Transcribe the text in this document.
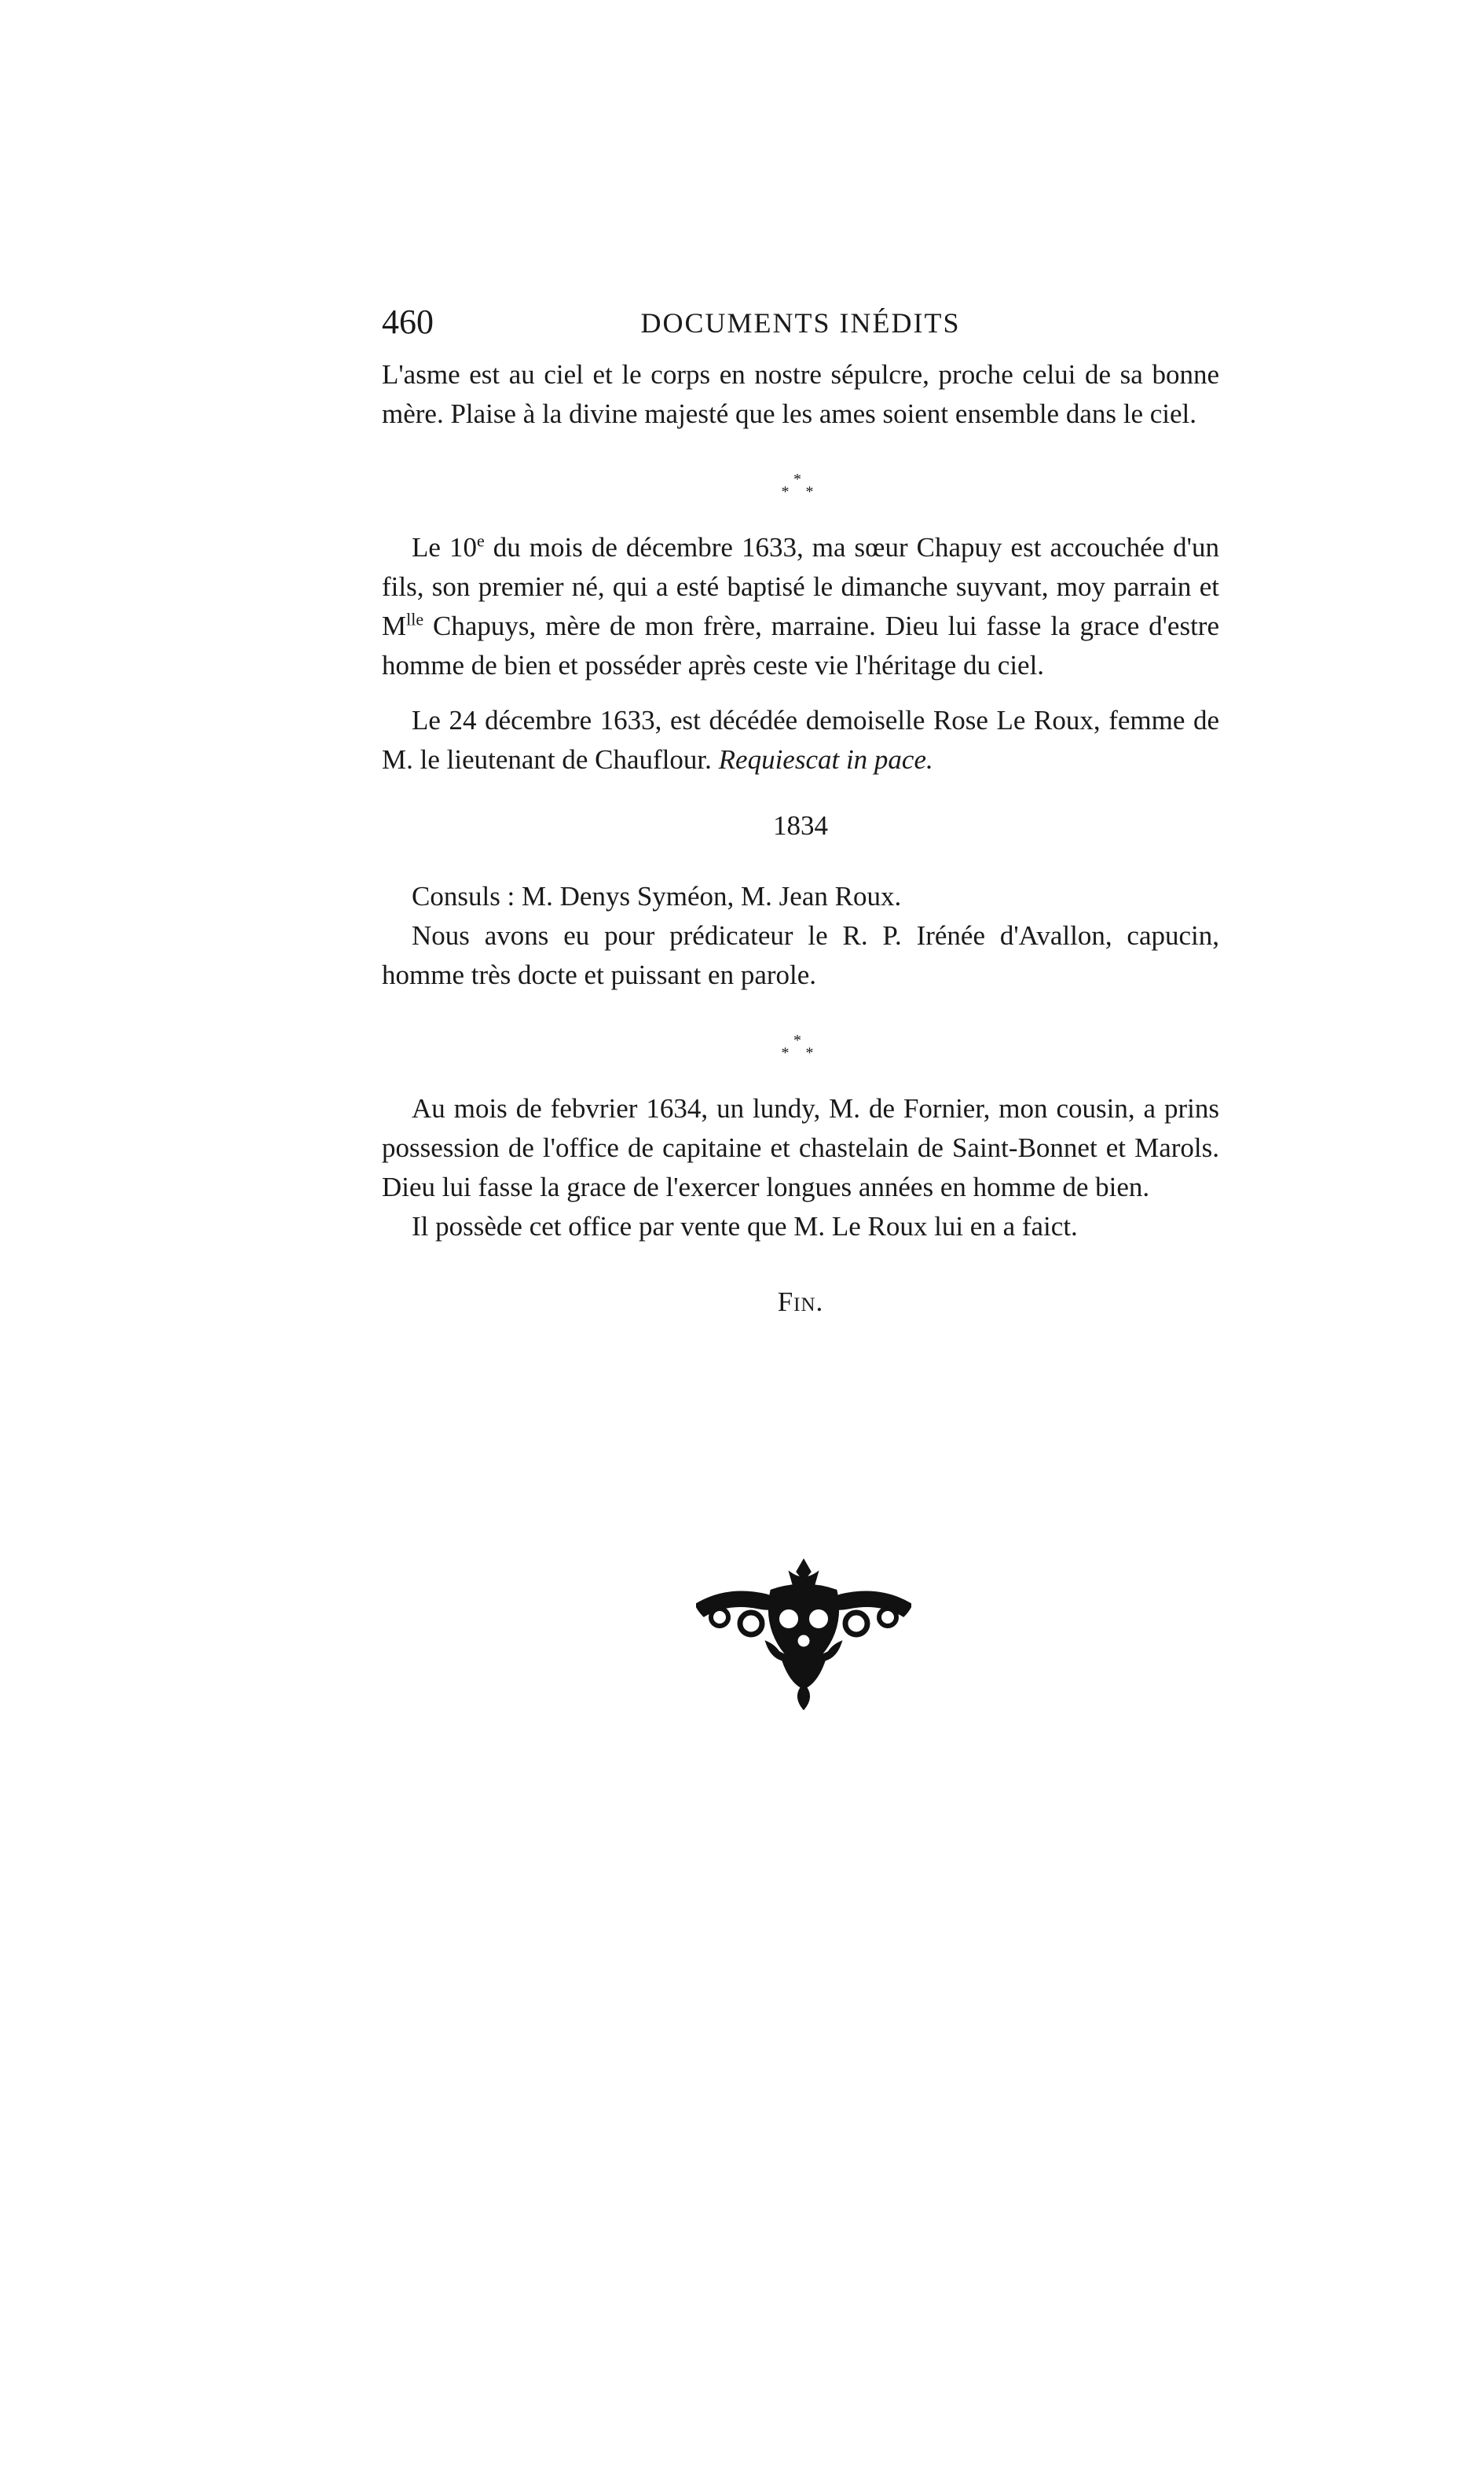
460	DOCUMENTS INÉDITS

L'asme est au ciel et le corps en nostre sépulcre, proche celui de sa bonne mère. Plaise à la divine majesté que les ames soient ensemble dans le ciel.

*
* *

Le 10e du mois de décembre 1633, ma sœur Chapuy est accouchée d'un fils, son premier né, qui a esté baptisé le dimanche suyvant, moy parrain et $M^{lle}$ Chapuys, mère de mon frère, marraine. Dieu lui fasse la grace d'estre homme de bien et posséder après ceste vie l'héritage du ciel.

Le 24 décembre 1633, est décédée demoiselle Rose Le Roux, femme de M. le lieutenant de Chauflour. Requiescat in pace.

1834

Consuls : M. Denys Syméon, M. Jean Roux.

Nous avons eu pour prédicateur le R. P. Irénée d'Avallon, capucin, homme très docte et puissant en parole.

*
* *

Au mois de febvrier 1634, un lundy, M. de Fornier, mon cousin, a prins possession de l'office de capitaine et chastelain de Saint-Bonnet et Marols. Dieu lui fasse la grace de l'exercer longues années en homme de bien.

Il possède cet office par vente que M. Le Roux lui en a faict.

Fin.
